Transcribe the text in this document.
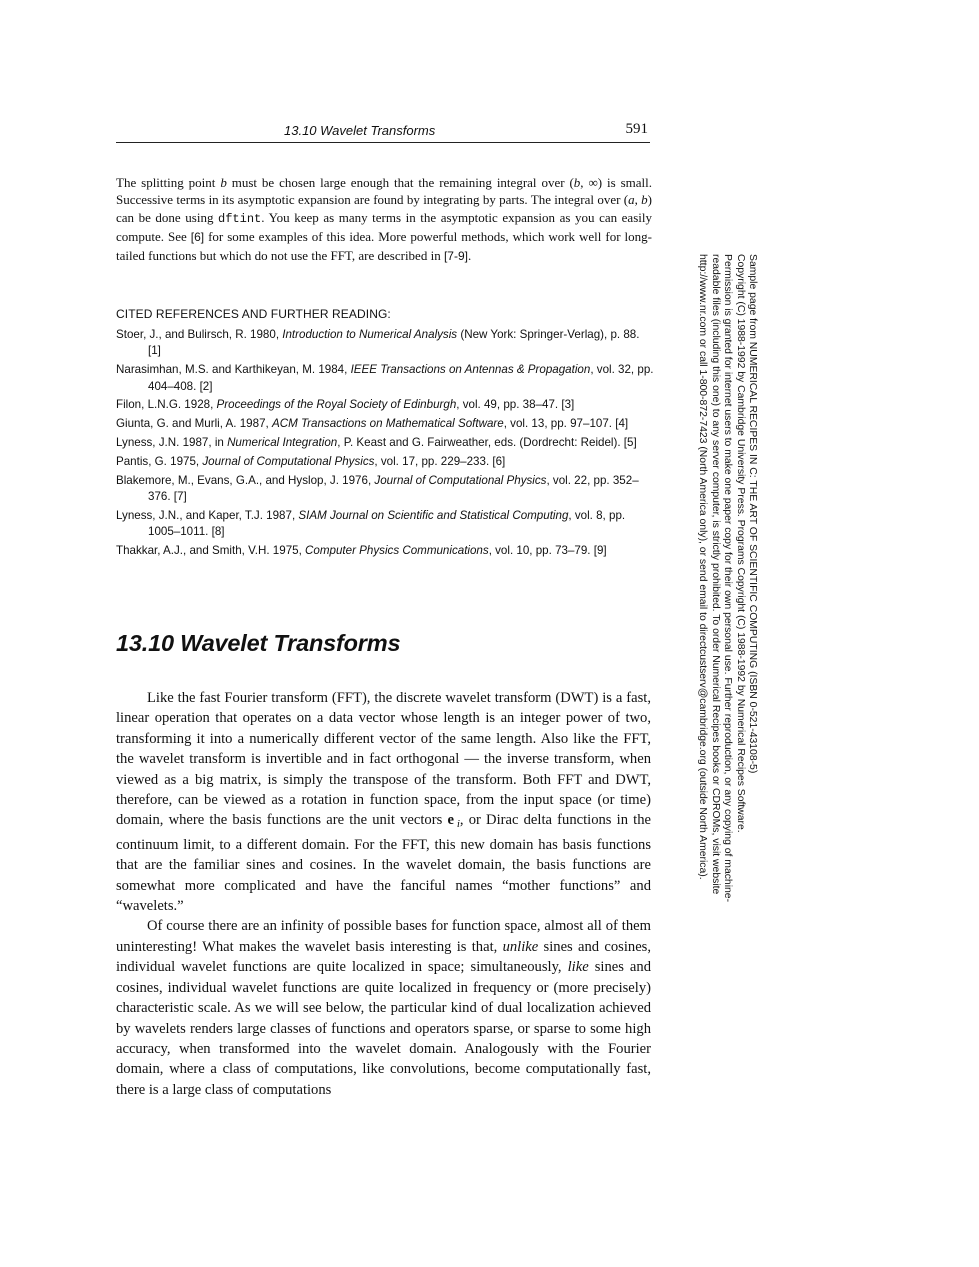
13.10 Wavelet Transforms	591

The splitting point b must be chosen large enough that the remaining integral over (b, ∞) is small. Successive terms in its asymptotic expansion are found by integrating by parts. The integral over (a, b) can be done using dftint. You keep as many terms in the asymptotic expansion as you can easily compute. See [6] for some examples of this idea. More powerful methods, which work well for long-tailed functions but which do not use the FFT, are described in [7-9].

CITED REFERENCES AND FURTHER READING:
Stoer, J., and Bulirsch, R. 1980, Introduction to Numerical Analysis (New York: Springer-Verlag), p. 88. [1]
Narasimhan, M.S. and Karthikeyan, M. 1984, IEEE Transactions on Antennas & Propagation, vol. 32, pp. 404–408. [2]
Filon, L.N.G. 1928, Proceedings of the Royal Society of Edinburgh, vol. 49, pp. 38–47. [3]
Giunta, G. and Murli, A. 1987, ACM Transactions on Mathematical Software, vol. 13, pp. 97–107. [4]
Lyness, J.N. 1987, in Numerical Integration, P. Keast and G. Fairweather, eds. (Dordrecht: Reidel). [5]
Pantis, G. 1975, Journal of Computational Physics, vol. 17, pp. 229–233. [6]
Blakemore, M., Evans, G.A., and Hyslop, J. 1976, Journal of Computational Physics, vol. 22, pp. 352–376. [7]
Lyness, J.N., and Kaper, T.J. 1987, SIAM Journal on Scientific and Statistical Computing, vol. 8, pp. 1005–1011. [8]
Thakkar, A.J., and Smith, V.H. 1975, Computer Physics Communications, vol. 10, pp. 73–79. [9]
13.10 Wavelet Transforms

Like the fast Fourier transform (FFT), the discrete wavelet transform (DWT) is a fast, linear operation that operates on a data vector whose length is an integer power of two, transforming it into a numerically different vector of the same length. Also like the FFT, the wavelet transform is invertible and in fact orthogonal — the inverse transform, when viewed as a big matrix, is simply the transpose of the transform. Both FFT and DWT, therefore, can be viewed as a rotation in function space, from the input space (or time) domain, where the basis functions are the unit vectors e  $_i$, or Dirac delta functions in the continuum limit, to a different domain. For the FFT, this new domain has basis functions that are the familiar sines and cosines. In the wavelet domain, the basis functions are somewhat more complicated and have the fanciful names “mother functions” and “wavelets.”

Of course there are an infinity of possible bases for function space, almost all of them uninteresting! What makes the wavelet basis interesting is that, unlike sines and cosines, individual wavelet functions are quite localized in space; simultaneously, like sines and cosines, individual wavelet functions are quite localized in frequency or (more precisely) characteristic scale. As we will see below, the particular kind of dual localization achieved by wavelets renders large classes of functions and operators sparse, or sparse to some high accuracy, when transformed into the wavelet domain. Analogously with the Fourier domain, where a class of computations, like convolutions, become computationally fast, there is a large class of computations

Sample page from NUMERICAL RECIPES IN C: THE ART OF SCIENTIFIC COMPUTING (ISBN 0-521-43108-5)
Copyright (C) 1988-1992 by Cambridge University Press. Programs Copyright (C) 1988-1992 by Numerical Recipes Software.
Permission is granted for internet users to make one paper copy for their own personal use. Further reproduction, or any copying of machine-
readable files (including this one) to any server computer, is strictly prohibited. To order Numerical Recipes books or CDROMs, visit website
http://www.nr.com or call 1-800-872-7423 (North America only), or send email to directcustserv@cambridge.org (outside North America).
